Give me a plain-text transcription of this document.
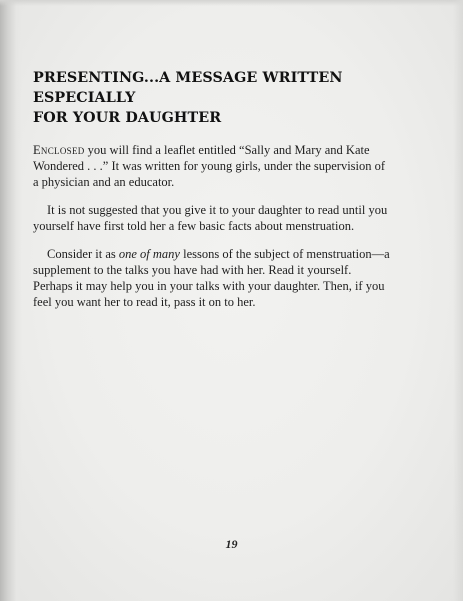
PRESENTING...A MESSAGE WRITTEN ESPECIALLY
FOR YOUR DAUGHTER

Enclosed you will find a leaflet entitled “Sally and Mary and Kate Wondered . . .” It was written for young girls, under the supervision of a physician and an educator.

It is not suggested that you give it to your daughter to read until you yourself have first told her a few basic facts about menstruation.

Consider it as one of many lessons of the subject of menstruation—a supplement to the talks you have had with her. Read it yourself. Perhaps it may help you in your talks with your daughter. Then, if you feel you want her to read it, pass it on to her.

19
